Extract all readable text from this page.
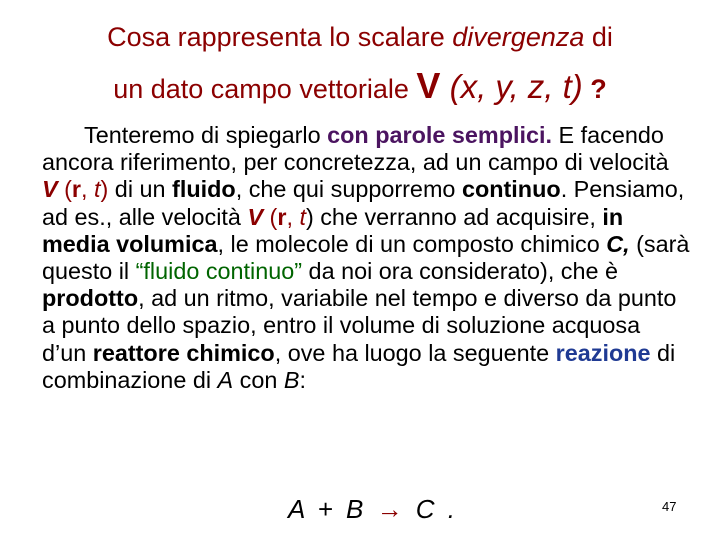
Cosa rappresenta lo scalare divergenza di
un dato campo vettoriale V (x, y, z, t) ?
Tenteremo di spiegarlo con parole semplici. E facendo ancora riferimento, per concretezza, ad un campo di velocità V (r, t) di un fluido, che qui supporremo continuo. Pensiamo, ad es., alle velocità V (r, t) che verranno ad acquisire, in media volumica, le molecole di un composto chimico C, (sarà questo il “fluido continuo” da noi ora considerato), che è prodotto, ad un ritmo, variabile nel tempo e diverso da punto a punto dello spazio, entro il volume di soluzione acquosa d’un reattore chimico, ove ha luogo la seguente reazione di combinazione di A con B:
A + B → C .	47
